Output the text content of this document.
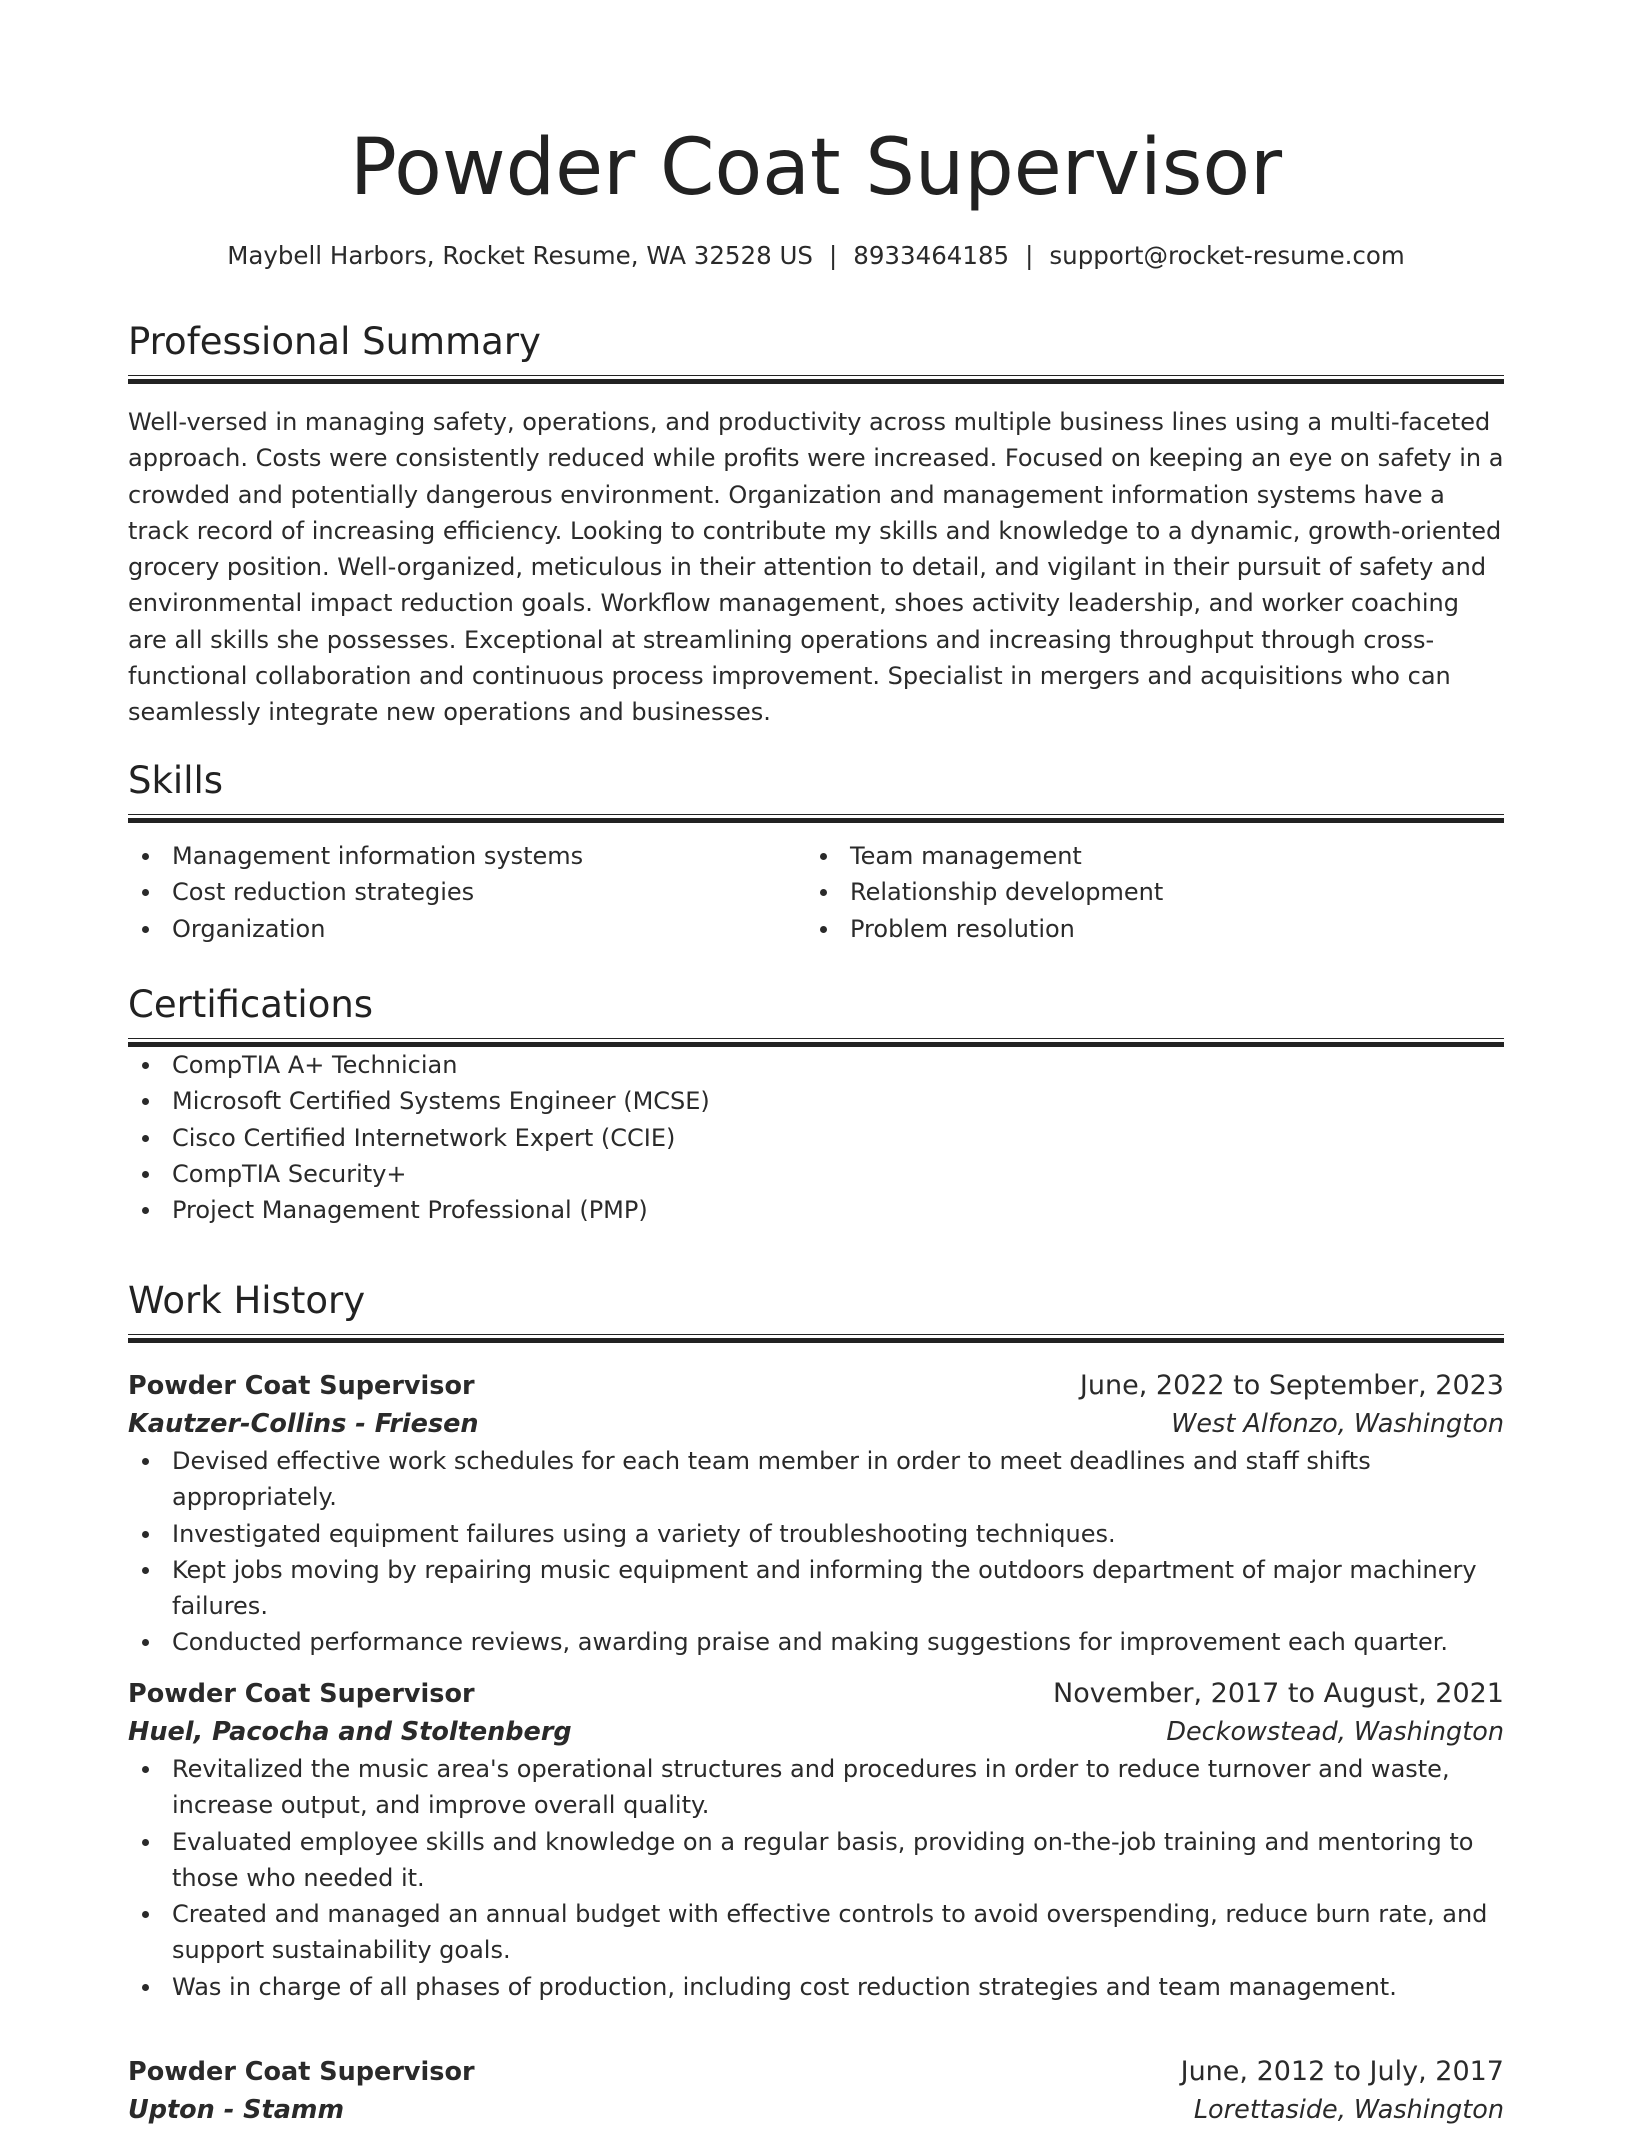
Powder Coat Supervisor
Maybell Harbors, Rocket Resume, WA 32528 US | 8933464185 | support@rocket-resume.com
Professional Summary

Well-versed in managing safety, operations, and productivity across multiple business lines using a multi-faceted approach. Costs were consistently reduced while profits were increased. Focused on keeping an eye on safety in a crowded and potentially dangerous environment. Organization and management information systems have a track record of increasing efficiency. Looking to contribute my skills and knowledge to a dynamic, growth-oriented grocery position. Well-organized, meticulous in their attention to detail, and vigilant in their pursuit of safety and environmental impact reduction goals. Workflow management, shoes activity leadership, and worker coaching are all skills she possesses. Exceptional at streamlining operations and increasing throughput through cross-functional collaboration and continuous process improvement. Specialist in mergers and acquisitions who can seamlessly integrate new operations and businesses.

Skills
Management information systems
Cost reduction strategies
Organization
Team management
Relationship development
Problem resolution
Certifications
CompTIA A+ Technician
Microsoft Certified Systems Engineer (MCSE)
Cisco Certified Internetwork Expert (CCIE)
CompTIA Security+
Project Management Professional (PMP)
Work History
Powder Coat Supervisor	June, 2022 to September, 2023
Kautzer-Collins - Friesen	West Alfonzo, Washington
Devised effective work schedules for each team member in order to meet deadlines and staff shifts appropriately.
Investigated equipment failures using a variety of troubleshooting techniques.
Kept jobs moving by repairing music equipment and informing the outdoors department of major machinery failures.
Conducted performance reviews, awarding praise and making suggestions for improvement each quarter.
Powder Coat Supervisor	November, 2017 to August, 2021
Huel, Pacocha and Stoltenberg	Deckowstead, Washington
Revitalized the music area's operational structures and procedures in order to reduce turnover and waste, increase output, and improve overall quality.
Evaluated employee skills and knowledge on a regular basis, providing on-the-job training and mentoring to those who needed it.
Created and managed an annual budget with effective controls to avoid overspending, reduce burn rate, and support sustainability goals.
Was in charge of all phases of production, including cost reduction strategies and team management.
Powder Coat Supervisor	June, 2012 to July, 2017
Upton - Stamm	Lorettaside, Washington
